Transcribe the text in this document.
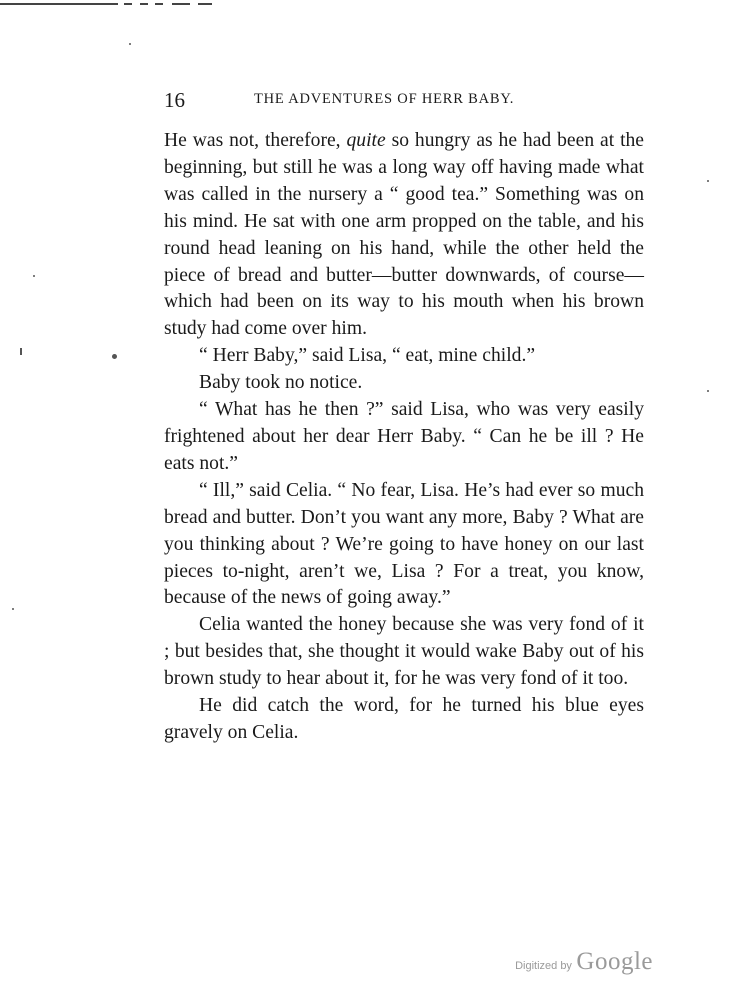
16	THE ADVENTURES OF HERR BABY.

He was not, therefore, quite so hungry as he had been at the beginning, but still he was a long way off having made what was called in the nursery a “ good tea.” Something was on his mind. He sat with one arm propped on the table, and his round head leaning on his hand, while the other held the piece of bread and butter—butter downwards, of course—which had been on its way to his mouth when his brown study had come over him.

“ Herr Baby,” said Lisa, “ eat, mine child.”

Baby took no notice.

“ What has he then ?” said Lisa, who was very easily frightened about her dear Herr Baby. “ Can he be ill ? He eats not.”

“ Ill,” said Celia. “ No fear, Lisa. He’s had ever so much bread and butter. Don’t you want any more, Baby ? What are you thinking about ? We’re going to have honey on our last pieces to-night, aren’t we, Lisa ? For a treat, you know, because of the news of going away.”

Celia wanted the honey because she was very fond of it ; but besides that, she thought it would wake Baby out of his brown study to hear about it, for he was very fond of it too.

He did catch the word, for he turned his blue eyes gravely on Celia.

Digitized by Google
